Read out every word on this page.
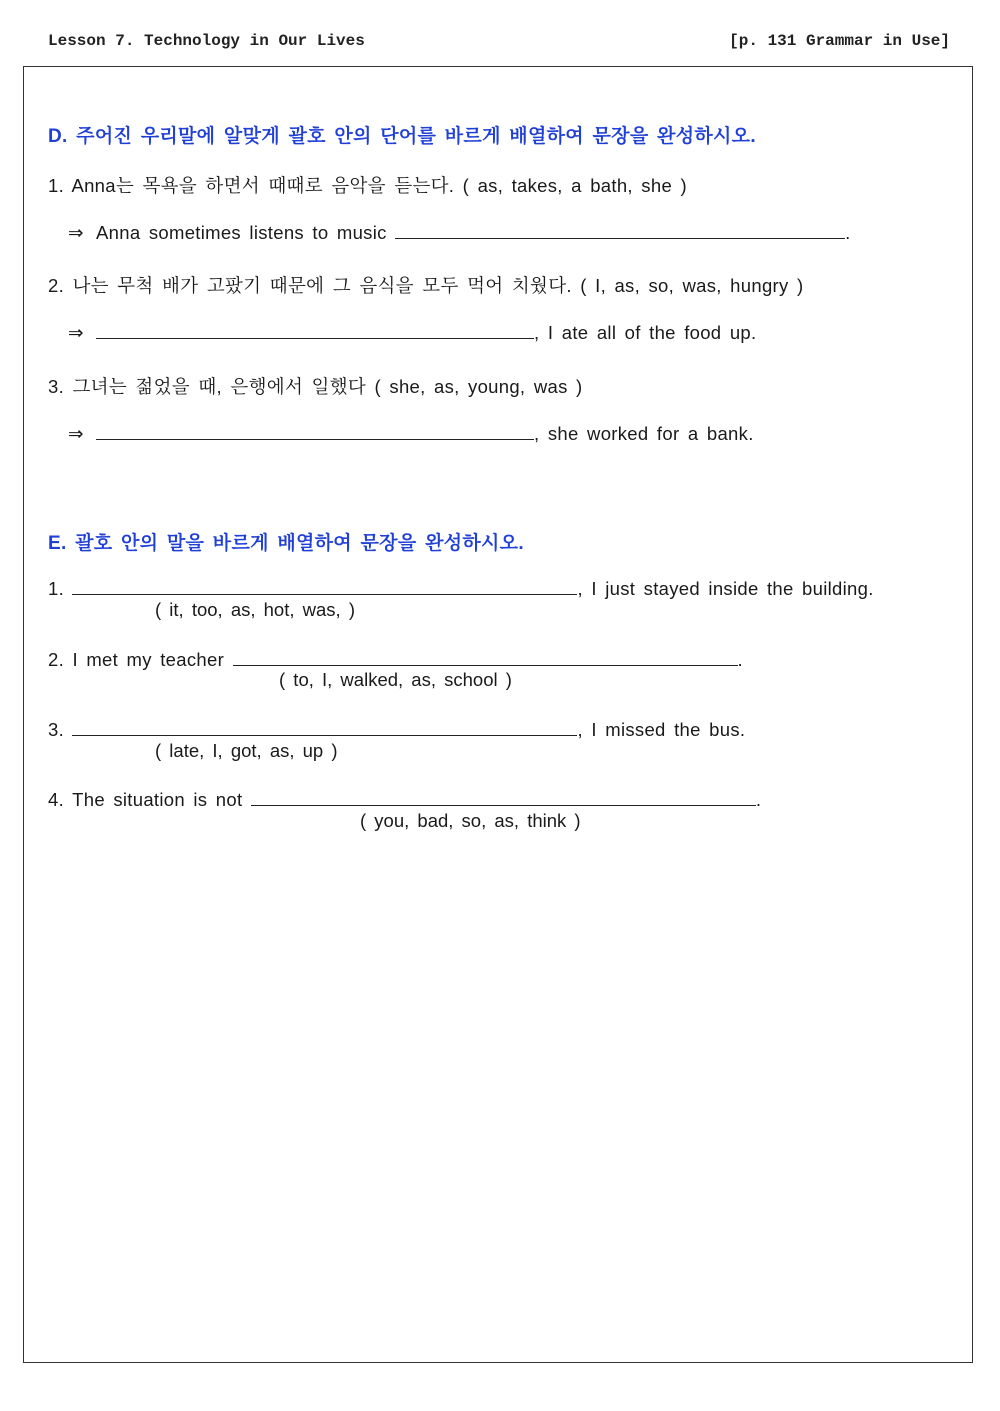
Lesson 7. Technology in Our Lives	[p. 131 Grammar in Use]
D. 주어진 우리말에 알맞게 괄호 안의 단어를 바르게 배열하여 문장을 완성하시오.
1. Anna는 목욕을 하면서 때때로 음악을 듣는다. ( as, takes, a bath, she )
⇒ Anna sometimes listens to music	.
2. 나는 무척 배가 고팠기 때문에 그 음식을 모두 먹어 치웠다. ( I, as, so, was, hungry )
⇒	, I ate all of the food up.
3. 그녀는 젊었을 때, 은행에서 일했다 ( she, as, young, was )
⇒	, she worked for a bank.
E. 괄호 안의 말을 바르게 배열하여 문장을 완성하시오.
1.	, I just stayed inside the building.
( it, too, as, hot, was, )
2. I met my teacher	.
( to, I, walked, as, school )
3.	, I missed the bus.
( late, I, got, as, up )
4. The situation is not	.
( you, bad, so, as, think )
